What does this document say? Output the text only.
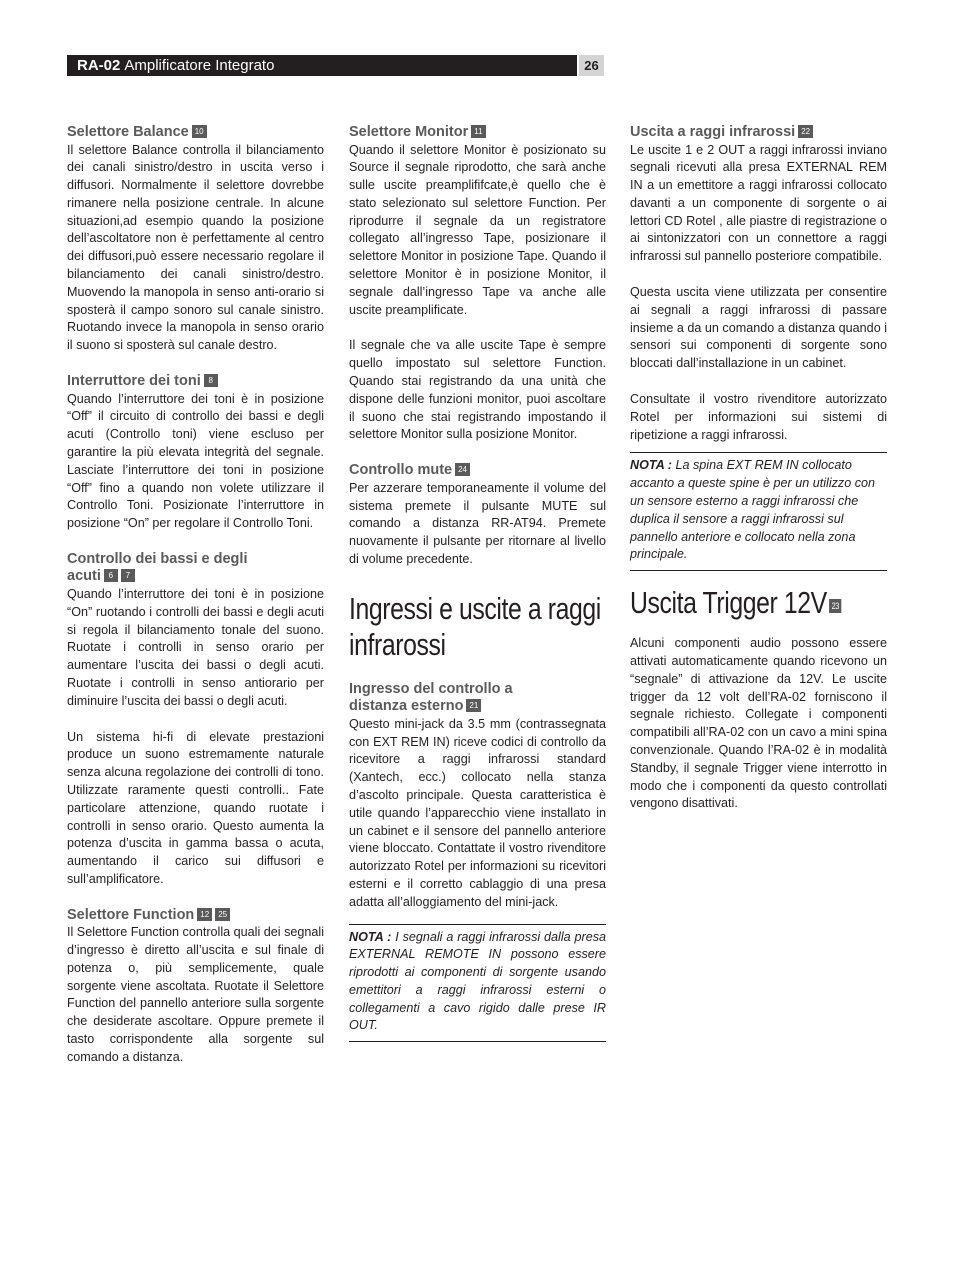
RA-02 Amplificatore Integrato	26

Selettore Balance 10

Il selettore Balance controlla il bilanciamento dei canali sinistro/destro in uscita verso i diffusori. Normalmente il selettore dovrebbe rimanere nella posizione centrale. In alcune situazioni,ad esempio quando la posizione dell’ascoltatore non è perfettamente al centro dei diffusori,può essere necessario regolare il bilanciamento dei canali sinistro/destro. Muovendo la manopola in senso anti-orario si sposterà il campo sonoro sul canale sinistro. Ruotando invece la manopola in senso orario il suono si sposterà sul canale destro.

Interruttore dei toni 8

Quando l’interruttore dei toni è in posizione “Off” il circuito di controllo dei bassi e degli acuti (Controllo toni) viene escluso per garantire la più elevata integrità del segnale. Lasciate l’interruttore dei toni in posizione “Off” fino a quando non volete utilizzare il Controllo Toni. Posizionate l’interruttore in posizione “On” per regolare il Controllo Toni.

Controllo dei bassi e degli
acuti 6 7

Quando l’interruttore dei toni è in posizione “On” ruotando i controlli dei bassi e degli acuti si regola il bilanciamento tonale del suono. Ruotate i controlli in senso orario per aumentare l’uscita dei bassi o degli acuti. Ruotate i controlli in senso antiorario per diminuire l’uscita dei bassi o degli acuti.

Un sistema hi-fi di elevate prestazioni produce un suono estremamente naturale senza alcuna regolazione dei controlli di tono. Utilizzate raramente questi controlli.. Fate particolare attenzione, quando ruotate i controlli in senso orario. Questo aumenta la potenza d’uscita in gamma bassa o acuta, aumentando il carico sui diffusori e sull’amplificatore.

Selettore Function 12 25

Il Selettore Function controlla quali dei segnali d’ingresso è diretto all’uscita e sul finale di potenza o, più semplicemente, quale sorgente viene ascoltata. Ruotate il Selettore Function del pannello anteriore sulla sorgente che desiderate ascoltare. Oppure premete il tasto corrispondente alla sorgente sul comando a distanza.

Selettore Monitor 11

Quando il selettore Monitor è posizionato su Source il segnale riprodotto, che sarà anche sulle uscite preamplififcate,è quello che è stato selezionato sul selettore Function. Per riprodurre il segnale da un registratore collegato all’ingresso Tape, posizionare il selettore Monitor in posizione Tape. Quando il selettore Monitor è in posizione Monitor, il segnale dall’ingresso Tape va anche alle uscite preamplificate.

Il segnale che va alle uscite Tape è sempre quello impostato sul selettore Function. Quando stai registrando da una unità che dispone delle funzioni monitor, puoi ascoltare il suono che stai registrando impostando il selettore Monitor sulla posizione Monitor.

Controllo mute 24

Per azzerare temporaneamente il volume del sistema premete il pulsante MUTE sul comando a distanza RR-AT94. Premete nuovamente il pulsante per ritornare al livello di volume precedente.

Ingressi e uscite a raggi

infrarossi

Ingresso del controllo a
distanza esterno 21

Questo mini-jack da 3.5 mm (contrassegnata con EXT REM IN) riceve codici di controllo da ricevitore a raggi infrarossi standard (Xantech, ecc.) collocato nella stanza d’ascolto principale. Questa caratteristica è utile quando l’apparecchio viene installato in un cabinet e il sensore del pannello anteriore viene bloccato. Contattate il vostro rivenditore autorizzato Rotel per informazioni su ricevitori esterni e il corretto cablaggio di una presa adatta all’alloggiamento del mini-jack.

NOTA : I segnali a raggi infrarossi dalla presa EXTERNAL REMOTE IN possono essere riprodotti ai componenti di sorgente usando emettitori a raggi infrarossi esterni o collegamenti a cavo rigido dalle prese IR OUT.

Uscita a raggi infrarossi 22

Le uscite 1 e 2 OUT a raggi infrarossi inviano segnali ricevuti alla presa EXTERNAL REM IN a un emettitore a raggi infrarossi collocato davanti a un componente di sorgente o ai lettori CD Rotel , alle piastre di registrazione o ai sintonizzatori con un connettore a raggi infrarossi sul pannello posteriore compatibile.

Questa uscita viene utilizzata per consentire ai segnali a raggi infrarossi di passare insieme a da un comando a distanza quando i sensori sui componenti di sorgente sono bloccati dall’installazione in un cabinet.

Consultate il vostro rivenditore autorizzato Rotel per informazioni sui sistemi di ripetizione a raggi infrarossi.

NOTA : La spina EXT REM IN collocato accanto a queste spine è per un utilizzo con un sensore esterno a raggi infrarossi che duplica il sensore a raggi infrarossi sul pannello anteriore e collocato nella zona principale.

Uscita Trigger 12V 23

Alcuni componenti audio possono essere attivati automaticamente quando ricevono un “segnale” di attivazione da 12V. Le uscite trigger da 12 volt dell’RA-02 forniscono il segnale richiesto. Collegate i componenti compatibili all’RA-02 con un cavo a mini spina convenzionale. Quando l’RA-02 è in modalità Standby, il segnale Trigger viene interrotto in modo che i componenti da questo controllati vengono disattivati.
